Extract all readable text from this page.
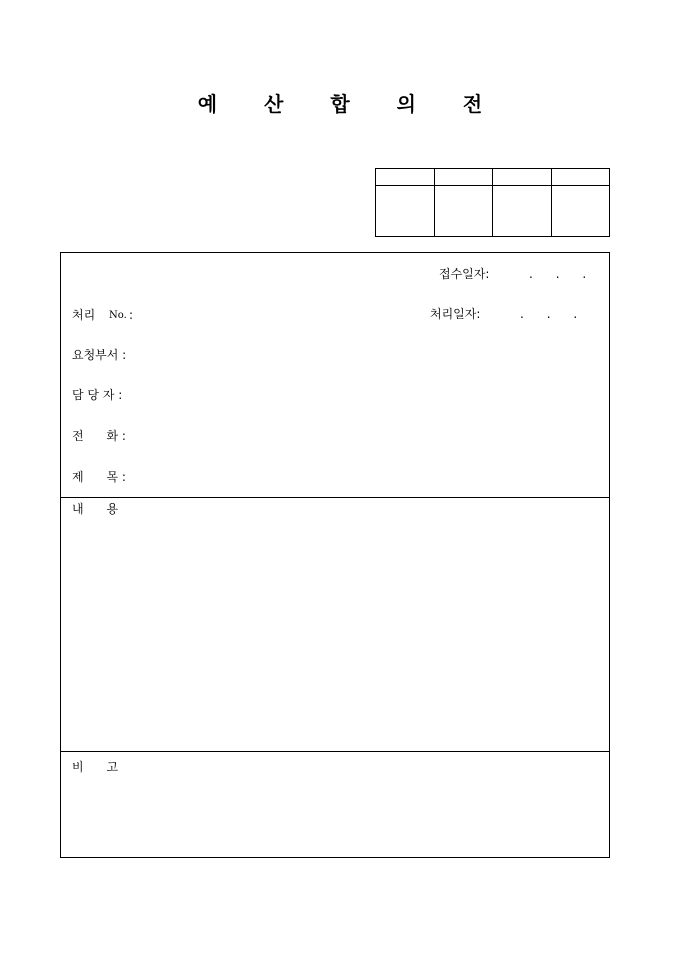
예 산 합 의 전

접수일자:	.      .      .
처리 No. :	처리일자:	.      .      .
요청부서 :
담 당 자 :
전      화 :
제      목 :
내      용
비      고
